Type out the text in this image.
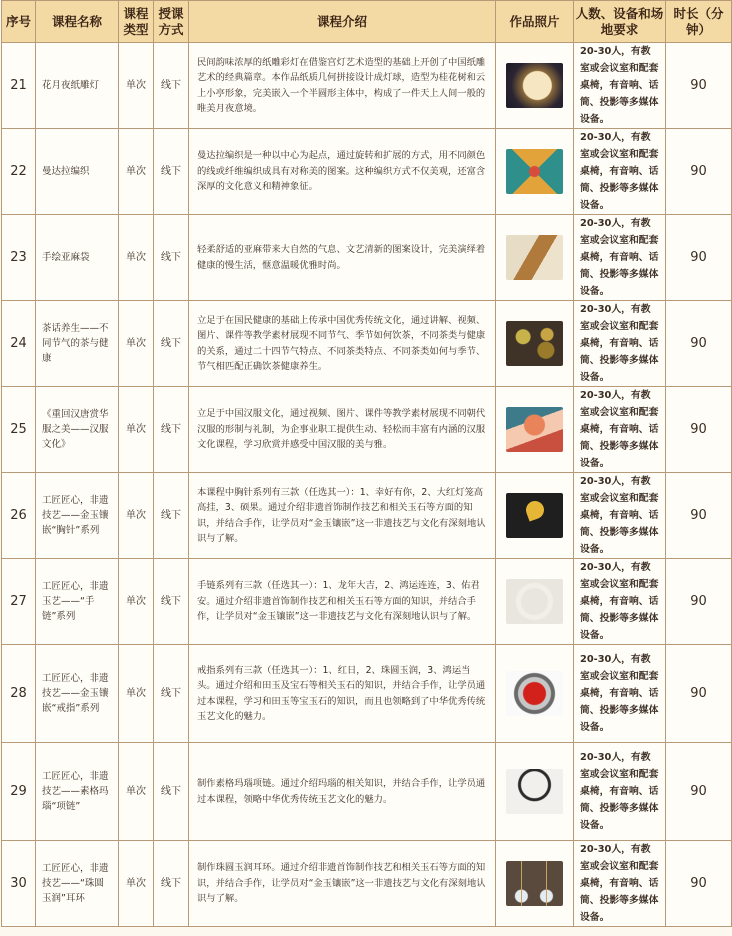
序号	课程名称	课程类型	授课方式	课程介绍	作品照片	人数、设备和场地要求	时长（分钟）
21	花月夜纸雕灯	单次	线下	民间韵味浓厚的纸雕彩灯在借鉴宫灯艺术造型的基础上开创了中国纸雕艺术的经典篇章。本作品纸质几何拼接设计成灯球，造型为桂花树和云上小亭形象，完美嵌入一个半圆形主体中，构成了一件天上人间一般的唯美月夜意境。		20-30人，有教室或会议室和配套桌椅，有音响、话筒、投影等多媒体设备。	90
22	曼达拉编织	单次	线下	曼达拉编织是一种以中心为起点，通过旋转和扩展的方式，用不同颜色的线或纤维编织成具有对称美的图案。这种编织方式不仅美观，还富含深厚的文化意义和精神象征。		20-30人，有教室或会议室和配套桌椅，有音响、话筒、投影等多媒体设备。	90
23	手绘亚麻袋	单次	线下	轻柔舒适的亚麻带来大自然的气息、文艺清新的图案设计，完美演绎着健康的慢生活，惬意温暖优雅时尚。		20-30人，有教室或会议室和配套桌椅，有音响、话筒、投影等多媒体设备。	90
24	茶话养生——不同节气的茶与健康	单次	线下	立足于在国民健康的基础上传承中国优秀传统文化，通过讲解、视频、图片、课件等教学素材展现不同节气、季节如何饮茶，不同茶类与健康的关系，通过二十四节气特点、不同茶类特点、不同茶类如何与季节、节气相匹配正确饮茶健康养生。		20-30人，有教室或会议室和配套桌椅，有音响、话筒、投影等多媒体设备。	90
25	《重回汉唐赏华服之美——汉服文化》	单次	线下	立足于中国汉服文化，通过视频、图片、课件等教学素材展现不同朝代汉服的形制与礼制，为企事业职工提供生动、轻松而丰富有内涵的汉服文化课程，学习欣赏并感受中国汉服的美与雅。		20-30人，有教室或会议室和配套桌椅，有音响、话筒、投影等多媒体设备。	90
26	工匠匠心，非遗技艺——金玉镶嵌“胸针”系列	单次	线下	本课程中胸针系列有三款（任选其一）：1、幸好有你，2、大红灯笼高高挂，3、硕果。通过介绍非遗首饰制作技艺和相关玉石等方面的知识，并结合手作，让学员对“金玉镶嵌”这一非遗技艺与文化有深刻地认识与了解。		20-30人，有教室或会议室和配套桌椅，有音响、话筒、投影等多媒体设备。	90
27	工匠匠心，非遗玉艺——“手链”系列	单次	线下	手链系列有三款（任选其一）：1、龙年大吉，2、鸿运连连，3、佑君安。通过介绍非遗首饰制作技艺和相关玉石等方面的知识，并结合手作，让学员对“金玉镶嵌”这一非遗技艺与文化有深刻地认识与了解。		20-30人，有教室或会议室和配套桌椅，有音响、话筒、投影等多媒体设备。	90
28	工匠匠心，非遗技艺——金玉镶嵌“戒指”系列	单次	线下	戒指系列有三款（任选其一）：1、红日，2、珠圆玉润，3、鸿运当头。通过介绍和田玉及宝石等相关玉石的知识，并结合手作，让学员通过本课程，学习和田玉等宝玉石的知识，而且也领略到了中华优秀传统玉艺文化的魅力。		20-30人，有教室或会议室和配套桌椅，有音响、话筒、投影等多媒体设备。	90
29	工匠匠心，非遗技艺——素格玛瑙“项链”	单次	线下	制作素格玛瑙项链。通过介绍玛瑙的相关知识，并结合手作，让学员通过本课程，领略中华优秀传统玉艺文化的魅力。		20-30人，有教室或会议室和配套桌椅，有音响、话筒、投影等多媒体设备。	90
30	工匠匠心，非遗技艺——“珠圆玉润”耳环	单次	线下	制作珠圆玉润耳环。通过介绍非遗首饰制作技艺和相关玉石等方面的知识，并结合手作，让学员对“金玉镶嵌”这一非遗技艺与文化有深刻地认识与了解。		20-30人，有教室或会议室和配套桌椅，有音响、话筒、投影等多媒体设备。	90
